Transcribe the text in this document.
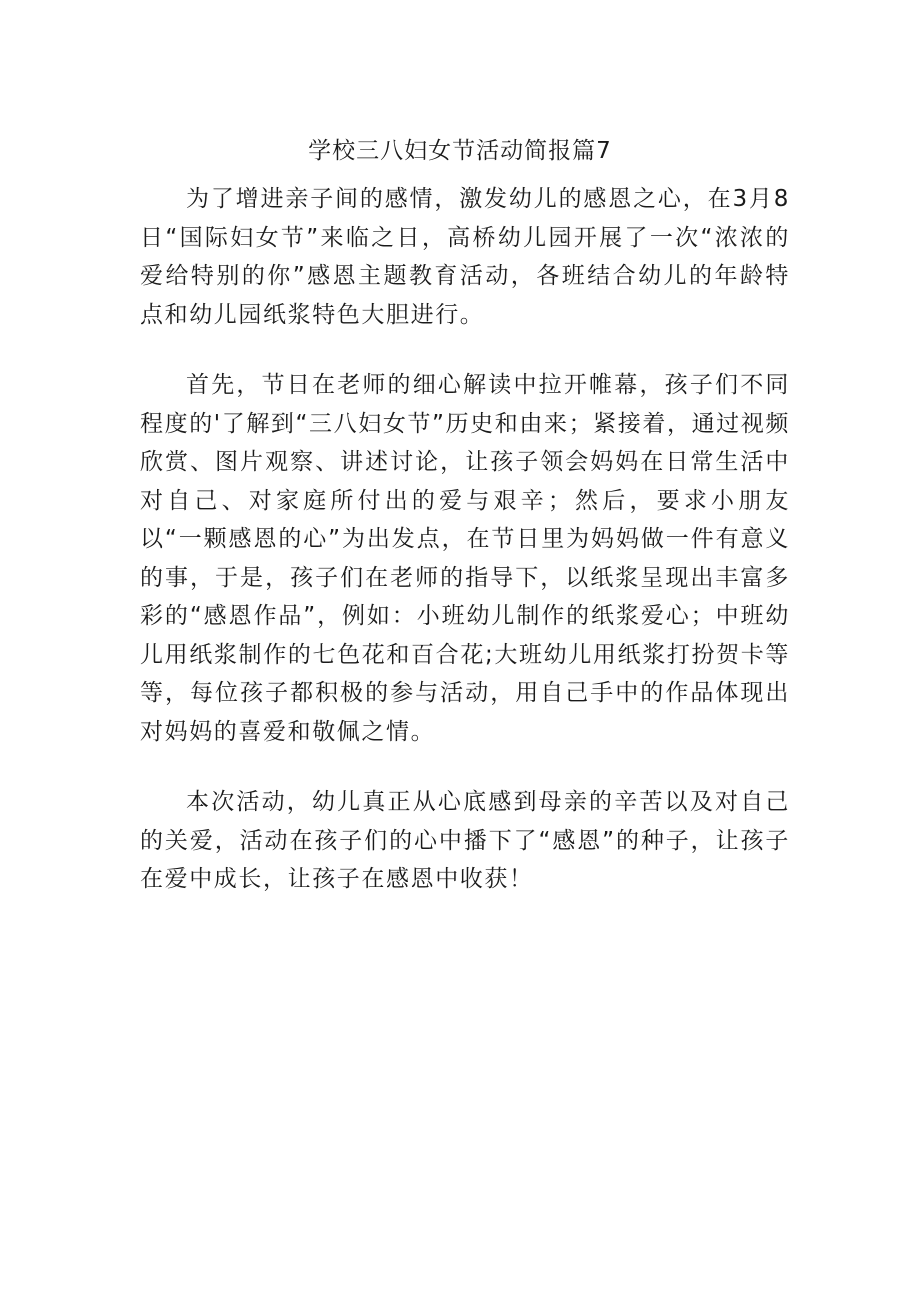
学校三八妇女节活动简报篇7

为了增进亲子间的感情，激发幼儿的感恩之心，在3月8日“国际妇女节”来临之日，高桥幼儿园开展了一次“浓浓的爱给特别的你”感恩主题教育活动，各班结合幼儿的年龄特点和幼儿园纸浆特色大胆进行。

首先，节日在老师的细心解读中拉开帷幕，孩子们不同程度的'了解到“三八妇女节”历史和由来；紧接着，通过视频欣赏、图片观察、讲述讨论，让孩子领会妈妈在日常生活中对自己、对家庭所付出的爱与艰辛；然后，要求小朋友以“一颗感恩的心”为出发点，在节日里为妈妈做一件有意义的事，于是，孩子们在老师的指导下，以纸浆呈现出丰富多彩的“感恩作品”，例如：小班幼儿制作的纸浆爱心；中班幼儿用纸浆制作的七色花和百合花;大班幼儿用纸浆打扮贺卡等等，每位孩子都积极的参与活动，用自己手中的作品体现出对妈妈的喜爱和敬佩之情。

本次活动，幼儿真正从心底感到母亲的辛苦以及对自己的关爱，活动在孩子们的心中播下了“感恩”的种子，让孩子在爱中成长，让孩子在感恩中收获！
